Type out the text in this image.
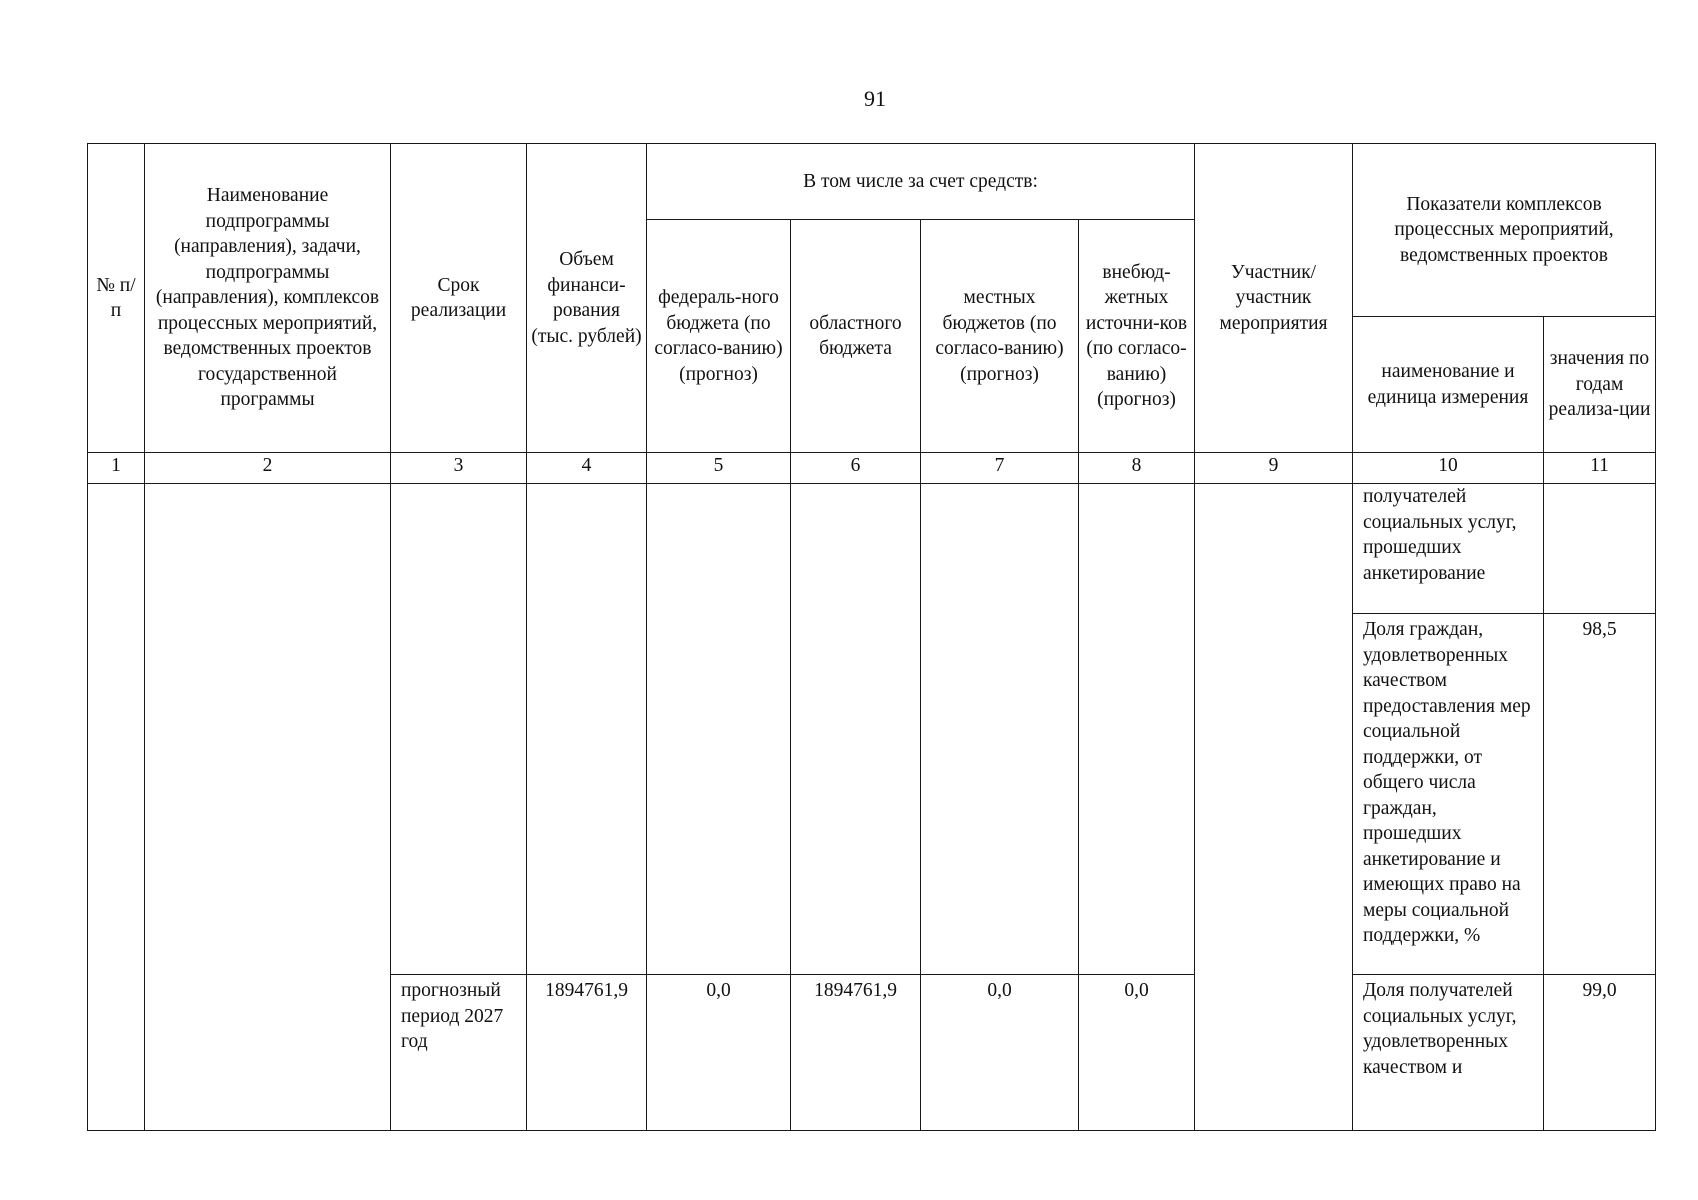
91
№ п/п	Наименование подпрограммы (направления), задачи, подпрограммы (направления), комплексов процессных мероприятий, ведомственных проектов государственной программы	Срок реализации	Объем финанси-рования (тыс. рублей)	В том числе за счет средств:				Участник/ участник мероприятия	Показатели комплексов процессных мероприятий, ведомственных проектов	

				федераль-ного бюджета (по согласо-ванию) (прогноз)	областного бюджета	местных бюджетов (по согласо-ванию) (прогноз)	внебюд-жетных источни-ков (по согласо-ванию) (прогноз)			

									наименование и единица измерения	значения по годам реализа-ции

1	2	3	4	5	6	7	8	9	10	11
									получателей социальных услуг, прошедших анкетирование	
									Доля граждан, удовлетворенных качеством предоставления мер социальной поддержки, от общего числа граждан, прошедших анкетирование и имеющих право на меры социальной поддержки, %	98,5
		прогнозный период 2027 год	1894761,9	0,0	1894761,9	0,0	0,0		Доля получателей социальных услуг, удовлетворенных качеством и	99,0
